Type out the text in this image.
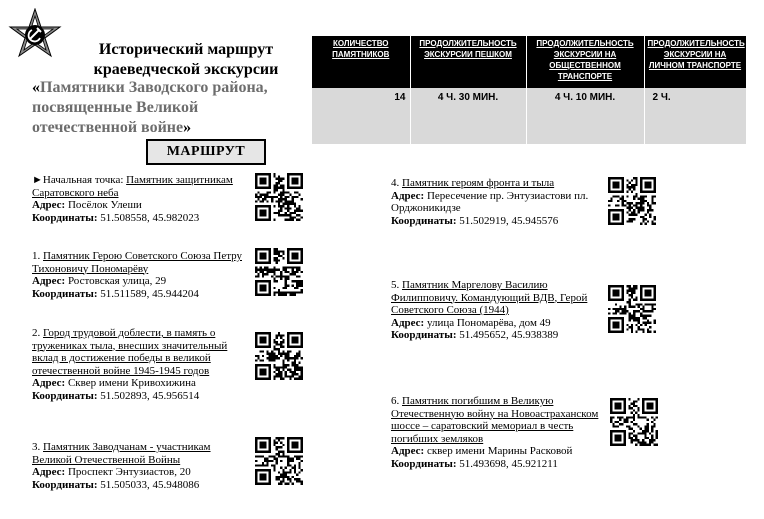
Исторический маршрут
краеведческой экскурсии
«Памятники Заводского района, посвященные Великой отечественной войне»
КОЛИЧЕСТВО ПАМЯТНИКОВ	ПРОДОЛЖИТЕЛЬНОСТЬ ЭКСКУРСИИ ПЕШКОМ	ПРОДОЛЖИТЕЛЬНОСТЬ ЭКСКУРСИИ НА ОБЩЕСТВЕННОМ ТРАНСПОРТЕ	ПРОДОЛЖИТЕЛЬНОСТЬ ЭКСКУРСИИ НА ЛИЧНОМ ТРАНСПОРТЕ
14	4 Ч. 30 МИН.	4 Ч. 10 МИН.	2 Ч.
МАРШРУТ
►Начальная точка: Памятник защитникам Саратовского неба
Адрес: Посёлок Улеши
Координаты: 51.508558, 45.982023
1. Памятник Герою Советского Союза Петру Тихоновичу Пономарёву
Адрес: Ростовская улица, 29
Координаты: 51.511589, 45.944204
2. Город трудовой доблести, в память о тружениках тыла, внесших значительный вклад в достижение победы в великой отечественной войне 1945-1945 годов
Адрес: Сквер имени Кривохижина
Координаты: 51.502893, 45.956514
3. Памятник Заводчанам - участникам Великой Отечественной Войны
Адрес: Проспект Энтузиастов, 20
Координаты: 51.505033, 45.948086
4. Памятник героям фронта и тыла
Адрес: Пересечение пр. Энтузиастови пл. Орджоникидзе
Координаты: 51.502919, 45.945576
5. Памятник Маргелову Василию Филипповичу. Командующий ВДВ, Герой Советского Союза (1944)
Адрес: улица Пономарёва, дом 49
Координаты: 51.495652, 45.938389
6. Памятник погибшим в Великую Отечественную войну на Новоастраханском шоссе – саратовский мемориал в честь погибших земляков
Адрес: сквер имени Марины Расковой
Координаты: 51.493698, 45.921211
